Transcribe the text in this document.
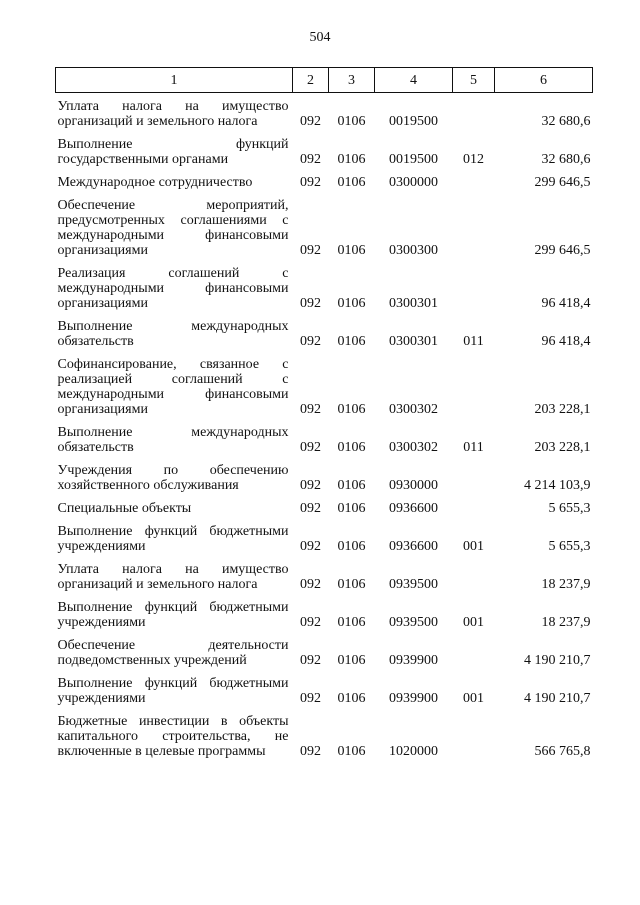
504
1	2	3	4	5	6
Уплата налога на имущество организаций и земельного налога	092	0106	0019500		32 680,6
Выполнение функций государственными органами	092	0106	0019500	012	32 680,6
Международное сотрудничество	092	0106	0300000		299 646,5
Обеспечение мероприятий, предусмотренных соглашениями с международными финансовыми организациями	092	0106	0300300		299 646,5
Реализация соглашений с международными финансовыми организациями	092	0106	0300301		96 418,4
Выполнение международных обязательств	092	0106	0300301	011	96 418,4
Софинансирование, связанное с реализацией соглашений с международными финансовыми организациями	092	0106	0300302		203 228,1
Выполнение международных обязательств	092	0106	0300302	011	203 228,1
Учреждения по обеспечению хозяйственного обслуживания	092	0106	0930000		4 214 103,9
Специальные объекты	092	0106	0936600		5 655,3
Выполнение функций бюджетными учреждениями	092	0106	0936600	001	5 655,3
Уплата налога на имущество организаций и земельного налога	092	0106	0939500		18 237,9
Выполнение функций бюджетными учреждениями	092	0106	0939500	001	18 237,9
Обеспечение деятельности подведомственных учреждений	092	0106	0939900		4 190 210,7
Выполнение функций бюджетными учреждениями	092	0106	0939900	001	4 190 210,7
Бюджетные инвестиции в объекты капитального строительства, не включенные в целевые программы	092	0106	1020000		566 765,8
